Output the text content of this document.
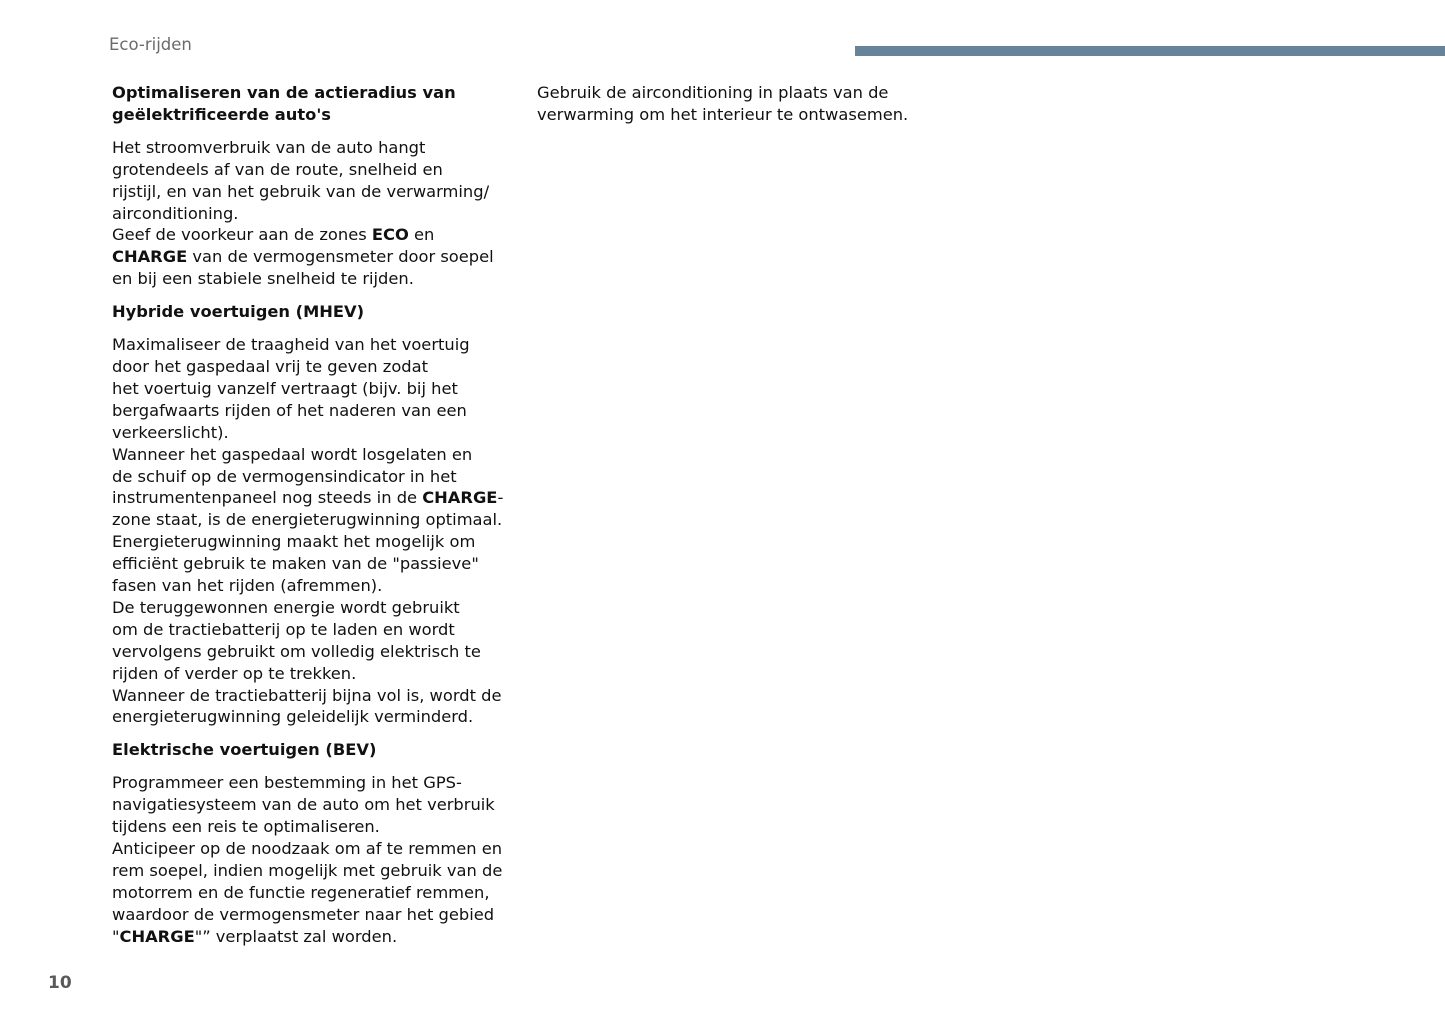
Eco-rijden
Optimaliseren van de actieradius van
geëlektrificeerde auto's
Het stroomverbruik van de auto hangt
grotendeels af van de route, snelheid en
rijstijl, en van het gebruik van de verwarming/
airconditioning.
Geef de voorkeur aan de zones ECO en
CHARGE van de vermogensmeter door soepel
en bij een stabiele snelheid te rijden.
Hybride voertuigen (MHEV)
Maximaliseer de traagheid van het voertuig
door het gaspedaal vrij te geven zodat
het voertuig vanzelf vertraagt (bijv. bij het
bergafwaarts rijden of het naderen van een
verkeerslicht).
Wanneer het gaspedaal wordt losgelaten en
de schuif op de vermogensindicator in het
instrumentenpaneel nog steeds in de CHARGE-
zone staat, is de energieterugwinning optimaal.
Energieterugwinning maakt het mogelijk om
efficiënt gebruik te maken van de "passieve"
fasen van het rijden (afremmen).
De teruggewonnen energie wordt gebruikt
om de tractiebatterij op te laden en wordt
vervolgens gebruikt om volledig elektrisch te
rijden of verder op te trekken.
Wanneer de tractiebatterij bijna vol is, wordt de
energieterugwinning geleidelijk verminderd.
Elektrische voertuigen (BEV)
Programmeer een bestemming in het GPS-
navigatiesysteem van de auto om het verbruik
tijdens een reis te optimaliseren.
Anticipeer op de noodzaak om af te remmen en
rem soepel, indien mogelijk met gebruik van de
motorrem en de functie regeneratief remmen,
waardoor de vermogensmeter naar het gebied
"CHARGE"” verplaatst zal worden.
Gebruik de airconditioning in plaats van de
verwarming om het interieur te ontwasemen.
10
